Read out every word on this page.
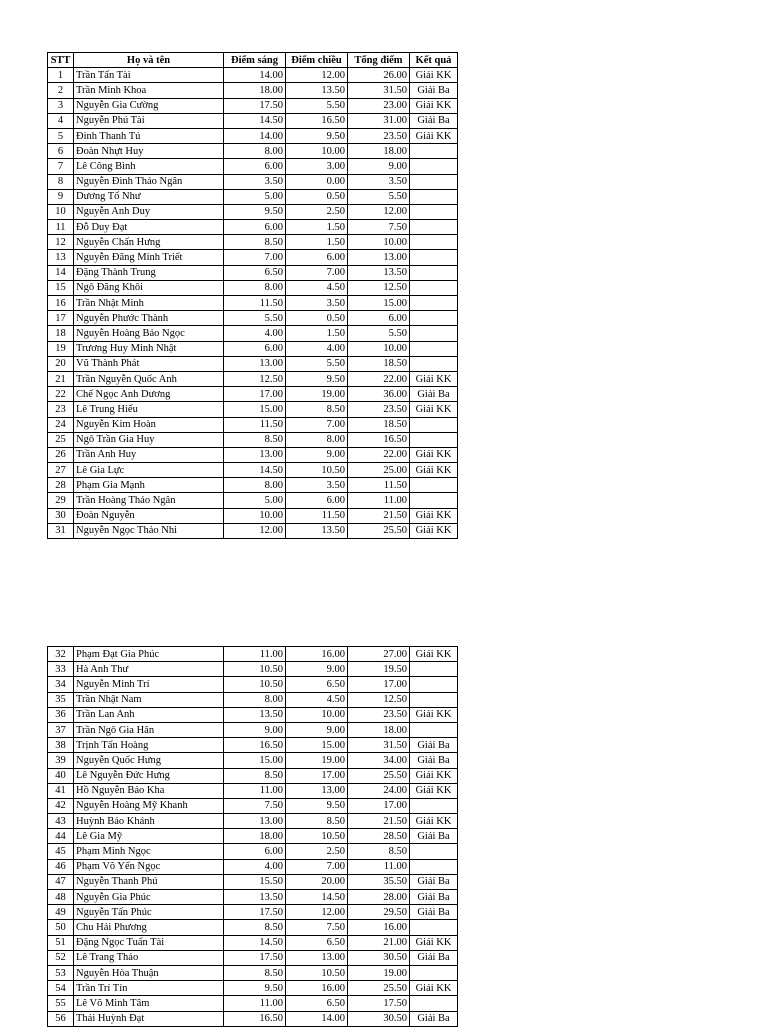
STT	Họ và tên	Điểm sáng	Điểm chiều	Tổng điểm	Kết quả
1	Trần Tấn Tài	14.00	12.00	26.00	Giải KK
2	Trần Minh Khoa	18.00	13.50	31.50	Giải Ba
3	Nguyễn Gia Cường	17.50	5.50	23.00	Giải KK
4	Nguyễn Phú Tài	14.50	16.50	31.00	Giải Ba
5	Đinh Thanh Tú	14.00	9.50	23.50	Giải KK
6	Đoàn Nhựt Huy	8.00	10.00	18.00	
7	Lê Công Bình	6.00	3.00	9.00	
8	Nguyễn Đình Thảo Ngân	3.50	0.00	3.50	
9	Dương Tố Như	5.00	0.50	5.50	
10	Nguyễn Anh Duy	9.50	2.50	12.00	
11	Đỗ Duy Đạt	6.00	1.50	7.50	
12	Nguyễn Chấn Hưng	8.50	1.50	10.00	
13	Nguyễn Đăng Minh Triết	7.00	6.00	13.00	
14	Đặng Thành Trung	6.50	7.00	13.50	
15	Ngô Đăng Khôi	8.00	4.50	12.50	
16	Trần Nhật Minh	11.50	3.50	15.00	
17	Nguyễn Phước Thành	5.50	0.50	6.00	
18	Nguyễn Hoàng Bảo Ngọc	4.00	1.50	5.50	
19	Trương Huy Minh Nhật	6.00	4.00	10.00	
20	Vũ Thành Phát	13.00	5.50	18.50	
21	Trần Nguyễn Quốc Anh	12.50	9.50	22.00	Giải KK
22	Chế Ngọc Anh Dương	17.00	19.00	36.00	Giải Ba
23	Lê Trung Hiếu	15.00	8.50	23.50	Giải KK
24	Nguyễn Kim Hoàn	11.50	7.00	18.50	
25	Ngô Trần Gia Huy	8.50	8.00	16.50	
26	Trần Anh Huy	13.00	9.00	22.00	Giải KK
27	Lê Gia Lực	14.50	10.50	25.00	Giải KK
28	Phạm Gia Mạnh	8.00	3.50	11.50	
29	Trần Hoàng Thảo Ngân	5.00	6.00	11.00	
30	Đoàn Nguyễn	10.00	11.50	21.50	Giải KK
31	Nguyễn Ngọc Thảo Nhi	12.00	13.50	25.50	Giải KK
32	Phạm Đạt Gia Phúc	11.00	16.00	27.00	Giải KK
33	Hà Anh Thư	10.50	9.00	19.50	
34	Nguyễn Minh Trí	10.50	6.50	17.00	
35	Trần Nhật Nam	8.00	4.50	12.50	
36	Trần Lan Anh	13.50	10.00	23.50	Giải KK
37	Trần Ngô Gia Hân	9.00	9.00	18.00	
38	Trịnh Tấn Hoàng	16.50	15.00	31.50	Giải Ba
39	Nguyễn Quốc Hưng	15.00	19.00	34.00	Giải Ba
40	Lê Nguyễn Đức Hưng	8.50	17.00	25.50	Giải KK
41	Hồ Nguyễn Bảo Kha	11.00	13.00	24.00	Giải KK
42	Nguyễn Hoàng Mỹ Khanh	7.50	9.50	17.00	
43	Huỳnh Bảo Khánh	13.00	8.50	21.50	Giải KK
44	Lê Gia Mỹ	18.00	10.50	28.50	Giải Ba
45	Phạm Minh Ngọc	6.00	2.50	8.50	
46	Phạm Võ Yến Ngọc	4.00	7.00	11.00	
47	Nguyễn Thanh Phú	15.50	20.00	35.50	Giải Ba
48	Nguyễn Gia Phúc	13.50	14.50	28.00	Giải Ba
49	Nguyễn Tấn Phúc	17.50	12.00	29.50	Giải Ba
50	Chu Hải Phương	8.50	7.50	16.00	
51	Đặng Ngọc Tuấn Tài	14.50	6.50	21.00	Giải KK
52	Lê Trang Thảo	17.50	13.00	30.50	Giải Ba
53	Nguyễn Hòa Thuận	8.50	10.50	19.00	
54	Trần Trí Tín	9.50	16.00	25.50	Giải KK
55	Lê Võ Minh Tâm	11.00	6.50	17.50	
56	Thái Huỳnh Đạt	16.50	14.00	30.50	Giải Ba
